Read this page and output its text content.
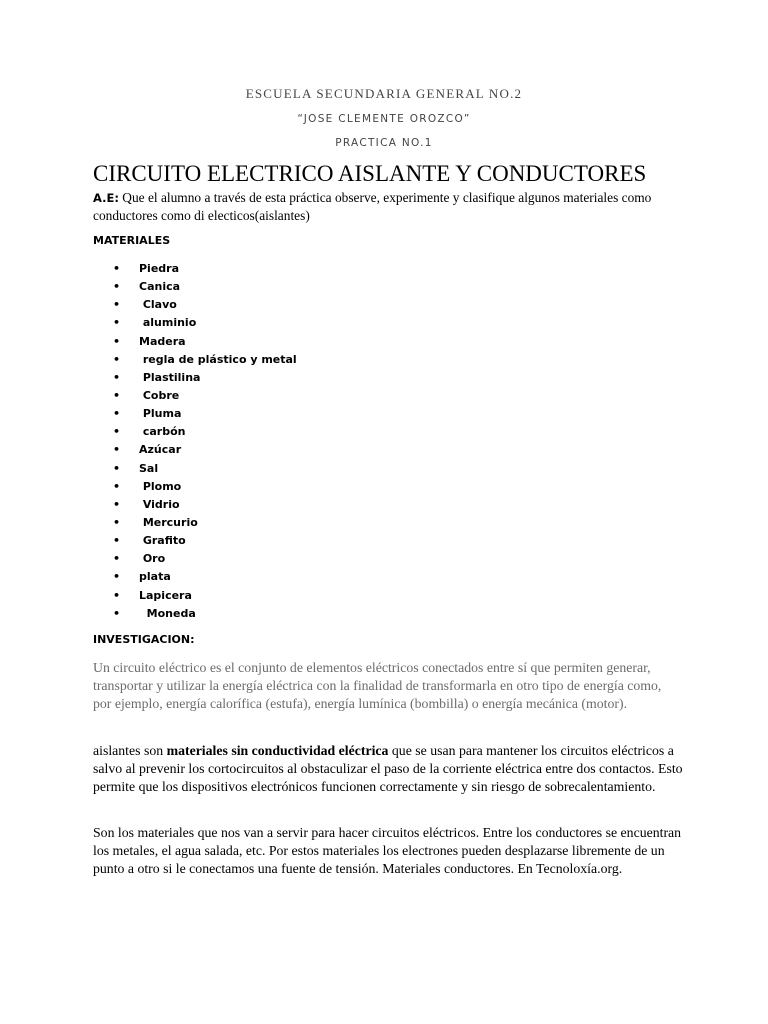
ESCUELA SECUNDARIA GENERAL NO.2
“JOSE CLEMENTE OROZCO”
PRACTICA NO.1
CIRCUITO ELECTRICO AISLANTE Y CONDUCTORES
A.E: Que el alumno a través de esta práctica observe, experimente y clasifique algunos materiales como conductores como di electicos(aislantes)
MATERIALES
• Piedra
• Canica
• Clavo
• aluminio
• Madera
• regla de plástico y metal
• Plastilina
• Cobre
• Pluma
• carbón
• Azúcar
• Sal
• Plomo
• Vidrio
• Mercurio
• Grafito
• Oro
• plata
• Lapicera
•  Moneda
INVESTIGACION:
Un circuito eléctrico es el conjunto de elementos eléctricos conectados entre sí que permiten generar, transportar y utilizar la energía eléctrica con la finalidad de transformarla en otro tipo de energía como, por ejemplo, energía calorífica (estufa), energía lumínica (bombilla) o energía mecánica (motor).
aislantes son materiales sin conductividad eléctrica que se usan para mantener los circuitos eléctricos a salvo al prevenir los cortocircuitos al obstaculizar el paso de la corriente eléctrica entre dos contactos. Esto permite que los dispositivos electrónicos funcionen correctamente y sin riesgo de sobrecalentamiento.
Son los materiales que nos van a servir para hacer circuitos eléctricos. Entre los conductores se encuentran los metales, el agua salada, etc. Por estos materiales los electrones pueden desplazarse libremente de un punto a otro si le conectamos una fuente de tensión. Materiales conductores. En Tecnoloxía.org.
